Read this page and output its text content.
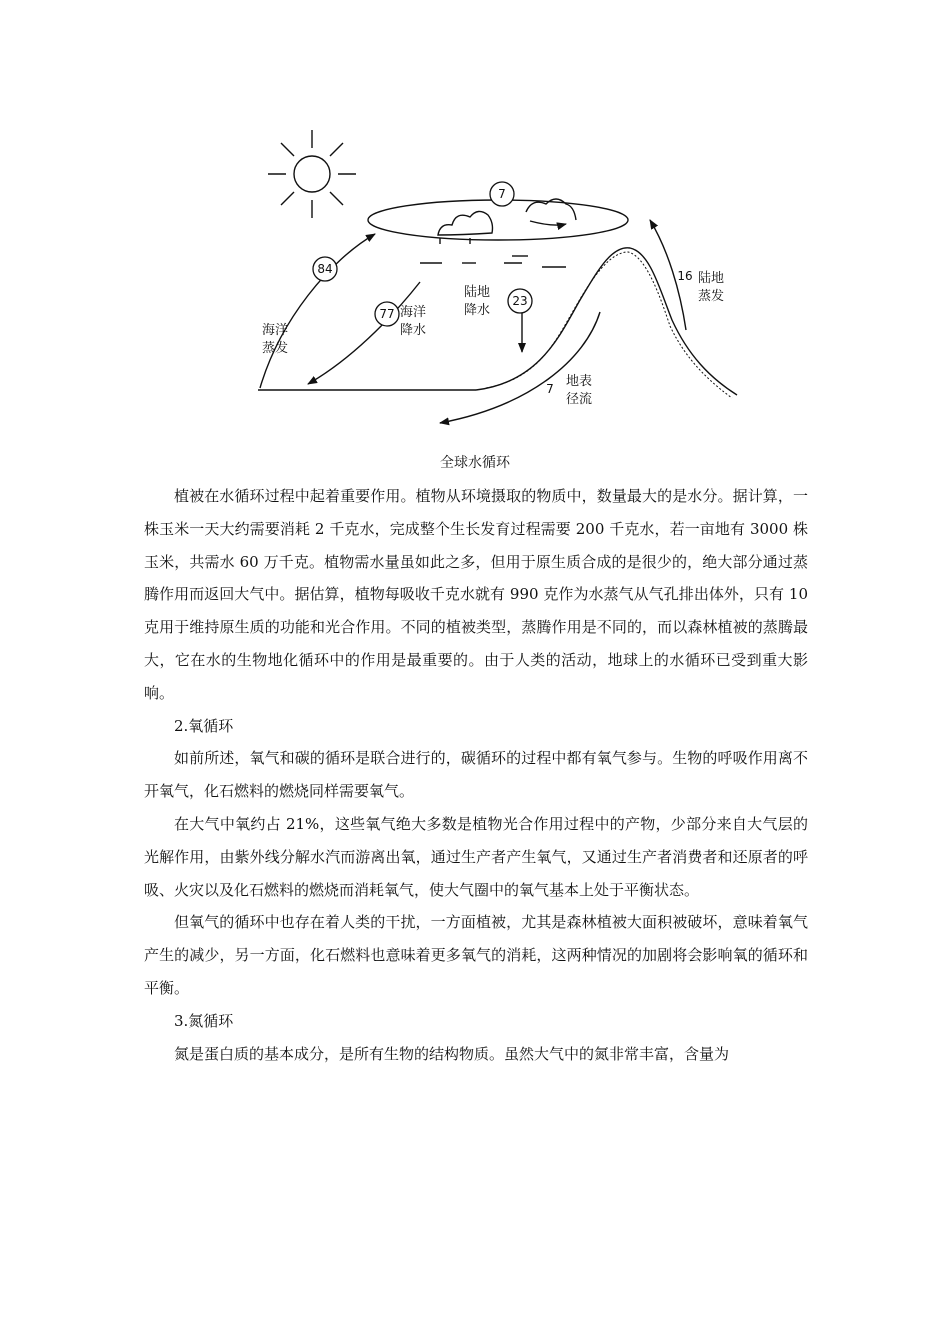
7
84
77
23
16
7
海洋
蒸发
海洋
降水
陆地
降水
陆地
蒸发
地表
径流
全球水循环

植被在水循环过程中起着重要作用。植物从环境摄取的物质中，数量最大的是水分。据计算，一株玉米一天大约需要消耗 2 千克水，完成整个生长发育过程需要 200 千克水，若一亩地有 3000 株玉米，共需水 60 万千克。植物需水量虽如此之多，但用于原生质合成的是很少的，绝大部分通过蒸腾作用而返回大气中。据估算，植物每吸收千克水就有 990 克作为水蒸气从气孔排出体外，只有 10 克用于维持原生质的功能和光合作用。不同的植被类型，蒸腾作用是不同的，而以森林植被的蒸腾最大，它在水的生物地化循环中的作用是最重要的。由于人类的活动，地球上的水循环已受到重大影响。

2.氧循环

如前所述，氧气和碳的循环是联合进行的，碳循环的过程中都有氧气参与。生物的呼吸作用离不开氧气，化石燃料的燃烧同样需要氧气。

在大气中氧约占 21%，这些氧气绝大多数是植物光合作用过程中的产物，少部分来自大气层的光解作用，由紫外线分解水汽而游离出氧，通过生产者产生氧气，又通过生产者消费者和还原者的呼吸、火灾以及化石燃料的燃烧而消耗氧气，使大气圈中的氧气基本上处于平衡状态。

但氧气的循环中也存在着人类的干扰，一方面植被，尤其是森林植被大面积被破坏，意味着氧气产生的减少，另一方面，化石燃料也意味着更多氧气的消耗，这两种情况的加剧将会影响氧的循环和平衡。

3.氮循环

氮是蛋白质的基本成分，是所有生物的结构物质。虽然大气中的氮非常丰富，含量为
